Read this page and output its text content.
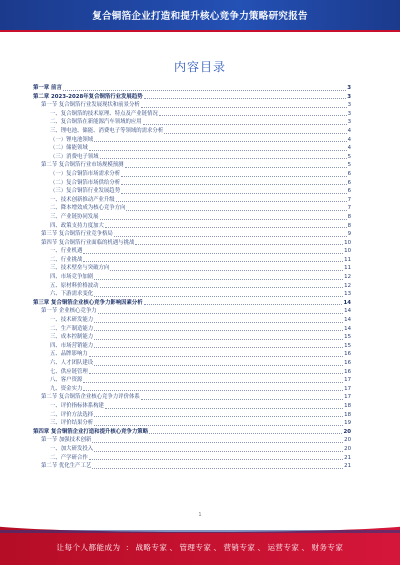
复合铜箔企业打造和提升核心竞争力策略研究报告
内容目录
第一章 前言	3
第二章 2023-2028年复合铜箔行业发展趋势	3
第一节 复合铜箔行业发展现状和前景分析	3
一、复合铜箔的技术原理、特点及产业链情况	3
二、复合铜箔在新能源汽车领域的应用	3
三、锂电池、储能、消费电子等领域的需求分析	4
（一）锂电池领域	4
（二）储能领域	4
（三）消费电子领域	5
第二节 复合铜箔行业市场规模预测	5
（一）复合铜箔市场需求分析	6
（二）复合铜箔市场供给分析	6
（三）复合铜箔行业发展趋势	6
一、技术创新推动产业升级	7
二、降本增效成为核心竞争方向	7
三、产业链协同发展	8
四、政策支持力度加大	8
第三节 复合铜箔行业竞争格局	9
第四节 复合铜箔行业面临的机遇与挑战	10
一、行业机遇	10
二、行业挑战	11
三、技术壁垒与突破方向	11
四、市场竞争加剧	12
五、原材料价格波动	12
六、下游需求变化	13
第三章 复合铜箔企业核心竞争力影响因素分析	14
第一节 企业核心竞争力	14
一、技术研发能力	14
二、生产制造能力	14
三、成本控制能力	15
四、市场营销能力	15
五、品牌影响力	16
六、人才团队建设	16
七、供应链管理	16
八、客户资源	17
九、资金实力	17
第二节 复合铜箔企业核心竞争力评价体系	17
一、评价指标体系构建	18
二、评价方法选择	18
三、评价结果分析	19
第四章 复合铜箔企业打造和提升核心竞争力策略	20
第一节 加强技术创新	20
一、加大研发投入	20
二、产学研合作	21
第二节 优化生产工艺	21
1
让每个人都能成为 ： 战略专家 、 管理专家 、 营销专家 、 运营专家 、 财务专家
